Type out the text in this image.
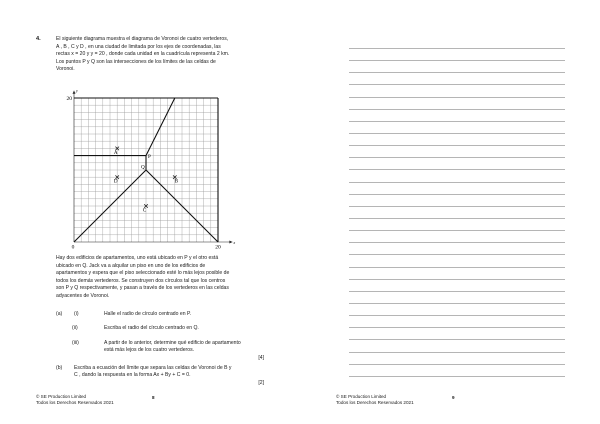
4.	El siguiente diagrama muestra el diagrama de Voronoi de cuatro vertederos,

A , B , C y D , en una ciudad de limitada por los ejes de coordenadas, las

rectas x = 20 y y = 20 , donde cada unidad en la cuadrícula representa 2 km.

Los puntos P y Q son las intersecciones de los límites de las celdas de

Voronoi.

x
y
0	20
20
A
D	B
C
P
Q

Hay dos edificios de apartamentos, uno está ubicado en P y el otro está

ubicado en Q. Jack va a alquilar un piso en uno de los edificios de

apartamentos y espera que el piso seleccionado esté lo más lejos posible de

todos los demás vertederos. Se construyen dos círculos tal que los centros

son P y Q respectivamente, y pasan a través de los vertederos en las celdas

adyacentes de Voronoi.

(a) (i)	Halle el radio de círculo centrado en P.
(ii)	Escriba el radio del círculo centrado en Q.
(iii)	A partir de lo anterior, determine qué edificio de apartamento
está más lejos de los cuatro vertederos.
[4]
(b) Escriba a ecuación del límite que separa las celdas de Voronoi de B y
C , dando la respuesta en la forma Ax + By + C = 0.
[2]

© SE Production Limited

Todos los Derechos Reservados 2021

8	© SE Production Limited

Todos los Derechos Reservados 2021

9
